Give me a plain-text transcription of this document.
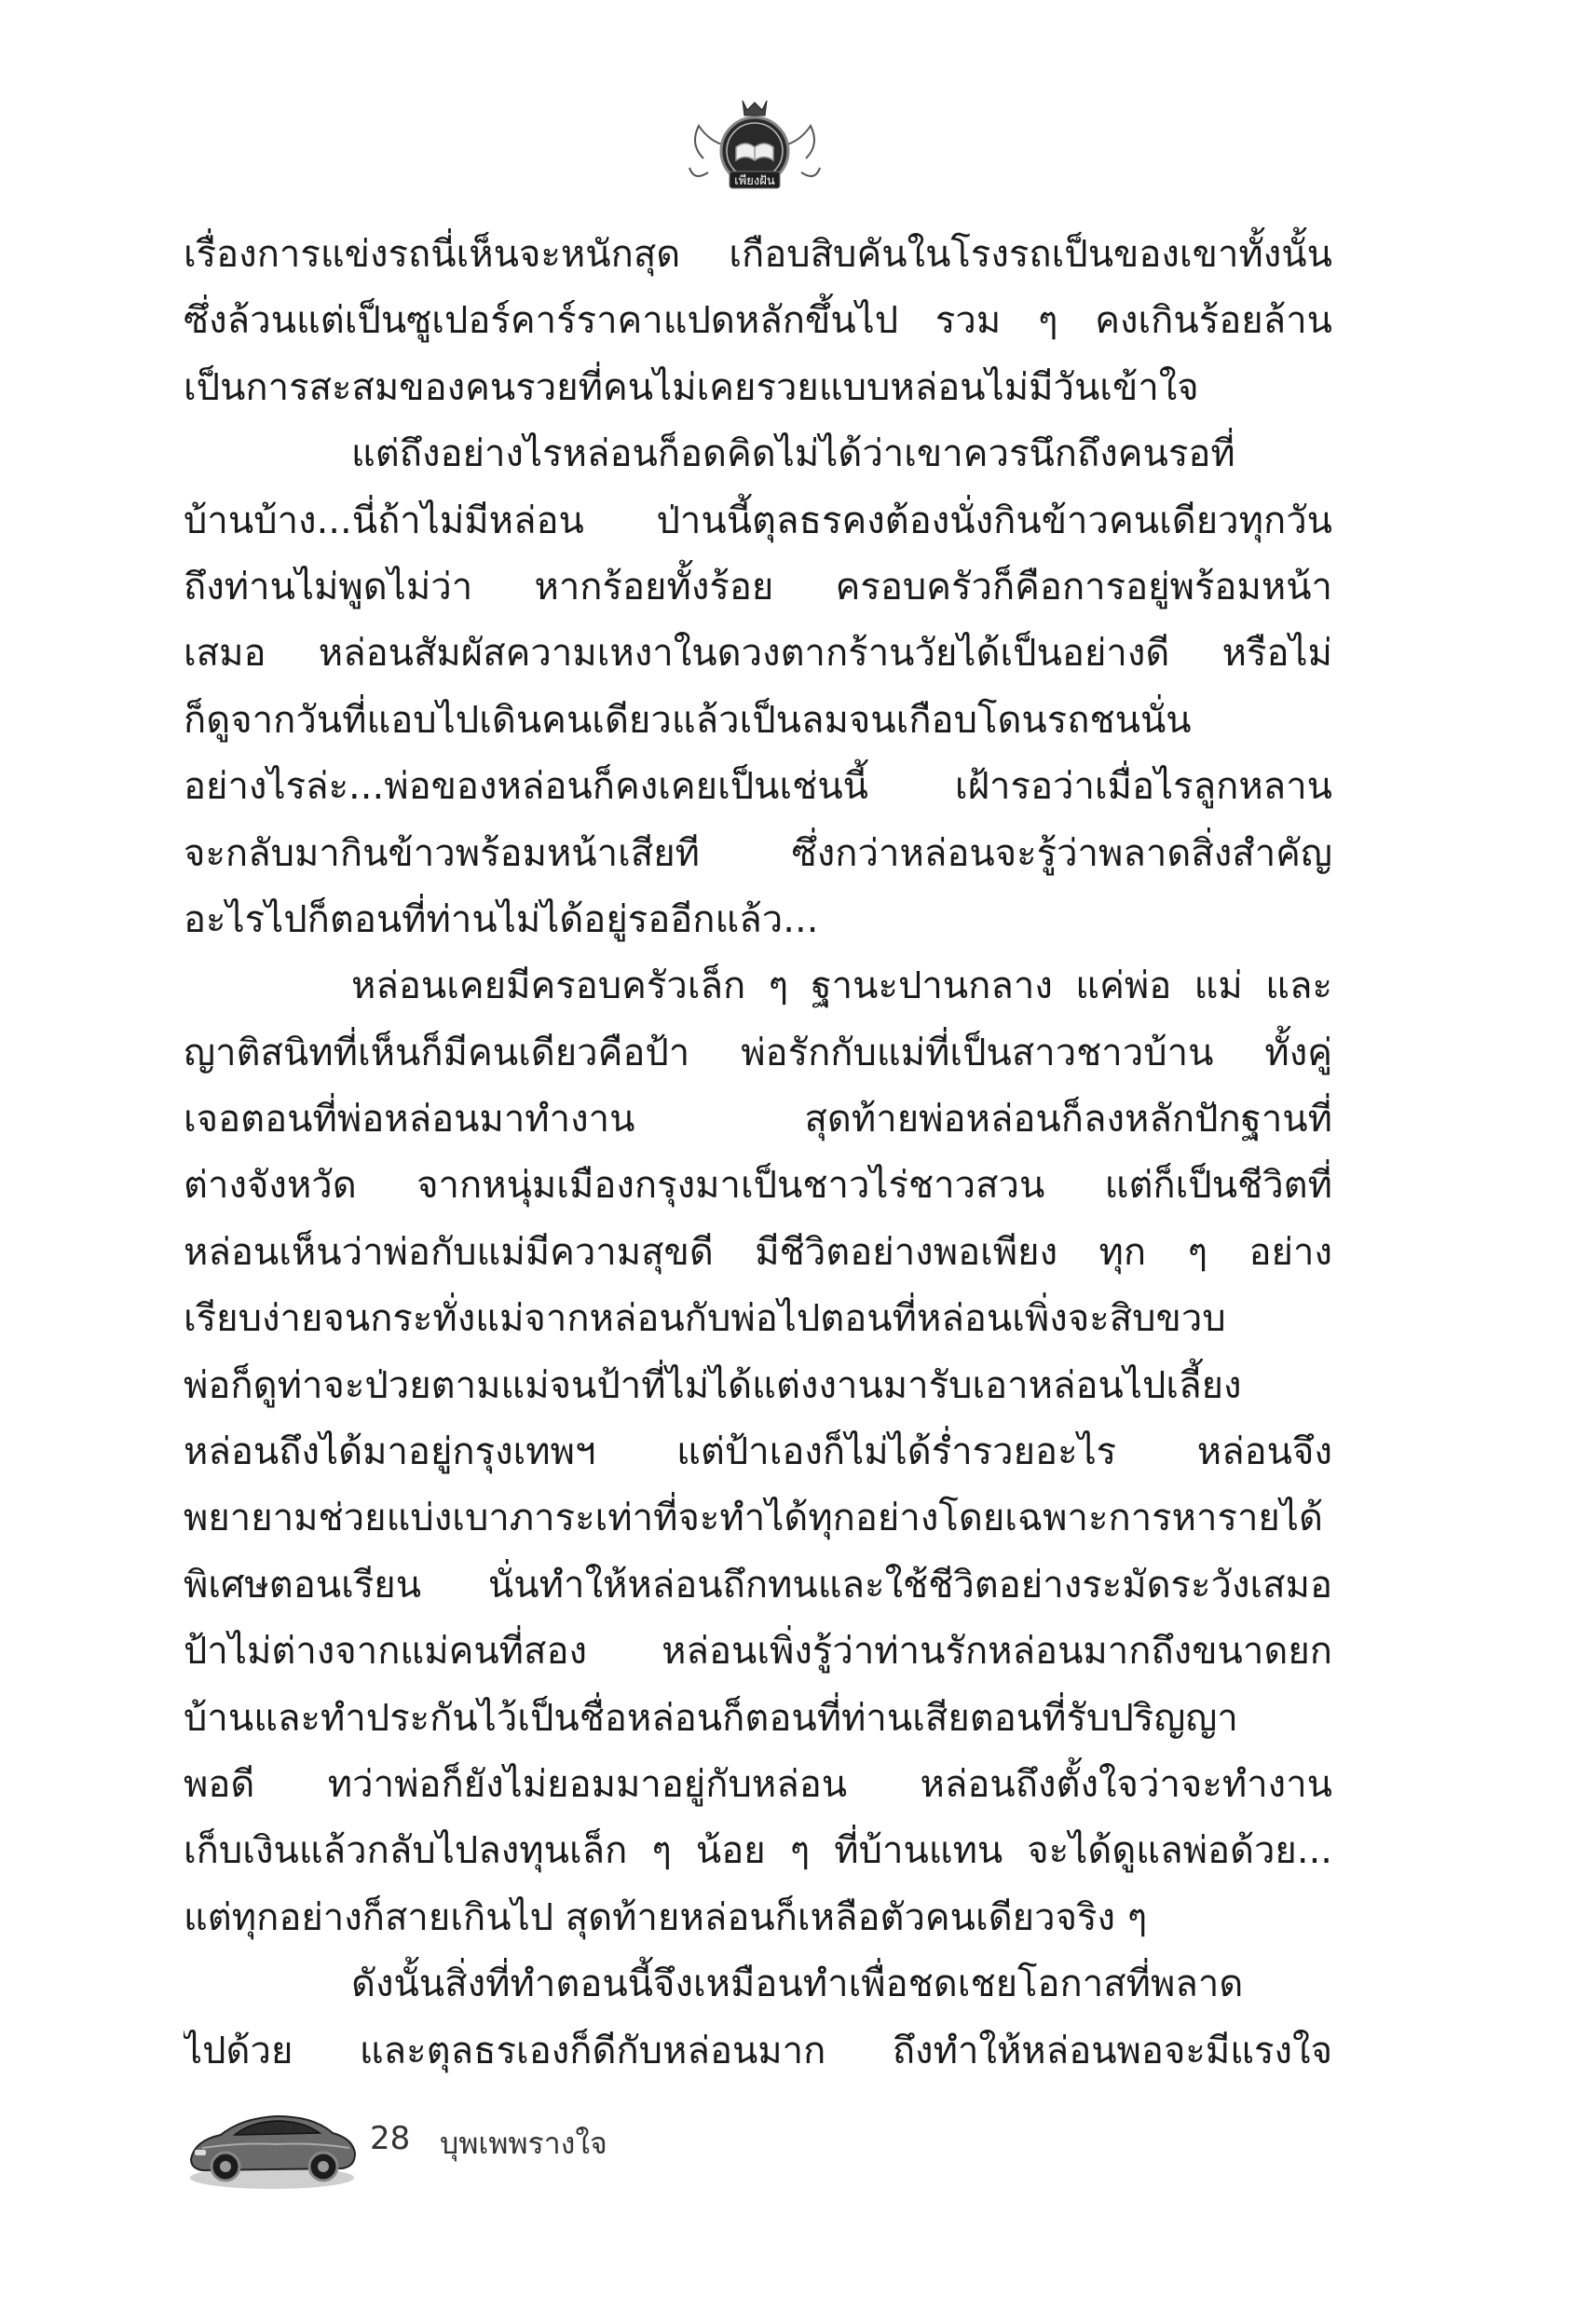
เพียงฝัน
เรื่องการแข่งรถนี่เห็นจะหนักสุด เกือบสิบคันในโรงรถเป็นของเขาทั้งนั้น
ซึ่งล้วนแต่เป็นซูเปอร์คาร์ราคาแปดหลักขึ้นไป รวม ๆ คงเกินร้อยล้าน
เป็นการสะสมของคนรวยที่คนไม่เคยรวยแบบหล่อนไม่มีวันเข้าใจ
แต่ถึงอย่างไรหล่อนก็อดคิดไม่ได้ว่าเขาควรนึกถึงคนรอที่
บ้านบ้าง...นี่ถ้าไม่มีหล่อน ป่านนี้ตุลธรคงต้องนั่งกินข้าวคนเดียวทุกวัน
ถึงท่านไม่พูดไม่ว่า หากร้อยทั้งร้อย ครอบครัวก็คือการอยู่พร้อมหน้า
เสมอ หล่อนสัมผัสความเหงาในดวงตากร้านวัยได้เป็นอย่างดี หรือไม่
ก็ดูจากวันที่แอบไปเดินคนเดียวแล้วเป็นลมจนเกือบโดนรถชนนั่น
อย่างไรล่ะ...พ่อของหล่อนก็คงเคยเป็นเช่นนี้ เฝ้ารอว่าเมื่อไรลูกหลาน
จะกลับมากินข้าวพร้อมหน้าเสียที ซึ่งกว่าหล่อนจะรู้ว่าพลาดสิ่งสำคัญ
อะไรไปก็ตอนที่ท่านไม่ได้อยู่รออีกแล้ว...
หล่อนเคยมีครอบครัวเล็ก ๆ ฐานะปานกลาง แค่พ่อ แม่ และ
ญาติสนิทที่เห็นก็มีคนเดียวคือป้า พ่อรักกับแม่ที่เป็นสาวชาวบ้าน ทั้งคู่
เจอตอนที่พ่อหล่อนมาทำงาน สุดท้ายพ่อหล่อนก็ลงหลักปักฐานที่
ต่างจังหวัด จากหนุ่มเมืองกรุงมาเป็นชาวไร่ชาวสวน แต่ก็เป็นชีวิตที่
หล่อนเห็นว่าพ่อกับแม่มีความสุขดี มีชีวิตอย่างพอเพียง ทุก ๆ อย่าง
เรียบง่ายจนกระทั่งแม่จากหล่อนกับพ่อไปตอนที่หล่อนเพิ่งจะสิบขวบ
พ่อก็ดูท่าจะป่วยตามแม่จนป้าที่ไม่ได้แต่งงานมารับเอาหล่อนไปเลี้ยง
หล่อนถึงได้มาอยู่กรุงเทพฯ แต่ป้าเองก็ไม่ได้ร่ำรวยอะไร หล่อนจึง
พยายามช่วยแบ่งเบาภาระเท่าที่จะทำได้ทุกอย่างโดยเฉพาะการหารายได้
พิเศษตอนเรียน นั่นทำให้หล่อนถึกทนและใช้ชีวิตอย่างระมัดระวังเสมอ
ป้าไม่ต่างจากแม่คนที่สอง หล่อนเพิ่งรู้ว่าท่านรักหล่อนมากถึงขนาดยก
บ้านและทำประกันไว้เป็นชื่อหล่อนก็ตอนที่ท่านเสียตอนที่รับปริญญา
พอดี ทว่าพ่อก็ยังไม่ยอมมาอยู่กับหล่อน หล่อนถึงตั้งใจว่าจะทำงาน
เก็บเงินแล้วกลับไปลงทุนเล็ก ๆ น้อย ๆ ที่บ้านแทน จะได้ดูแลพ่อด้วย...
แต่ทุกอย่างก็สายเกินไป สุดท้ายหล่อนก็เหลือตัวคนเดียวจริง ๆ
ดังนั้นสิ่งที่ทำตอนนี้จึงเหมือนทำเพื่อชดเชยโอกาสที่พลาด
ไปด้วย และตุลธรเองก็ดีกับหล่อนมาก ถึงทำให้หล่อนพอจะมีแรงใจ
28 บุพเพพรางใจ
